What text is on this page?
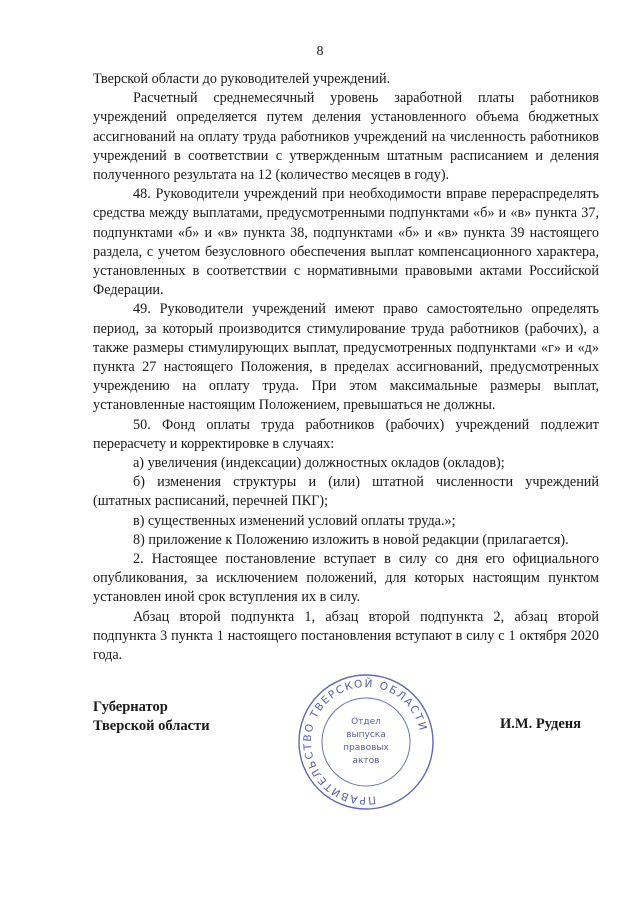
8

Тверской области до руководителей учреждений.

Расчетный среднемесячный уровень заработной платы работников учреждений определяется путем деления установленного объема бюджетных ассигнований на оплату труда работников учреждений на численность работников учреждений в соответствии с утвержденным штатным расписанием и деления полученного результата на 12 (количество месяцев в году).

48. Руководители учреждений при необходимости вправе перераспределять средства между выплатами, предусмотренными подпунктами «б» и «в» пункта 37, подпунктами «б» и «в» пункта 38, подпунктами «б» и «в» пункта 39 настоящего раздела, с учетом безусловного обеспечения выплат компенсационного характера, установленных в соответствии с нормативными правовыми актами Российской Федерации.

49. Руководители учреждений имеют право самостоятельно определять период, за который производится стимулирование труда работников (рабочих), а также размеры стимулирующих выплат, предусмотренных подпунктами «г» и «д» пункта 27 настоящего Положения, в пределах ассигнований, предусмотренных учреждению на оплату труда. При этом максимальные размеры выплат, установленные настоящим Положением, превышаться не должны.

50. Фонд оплаты труда работников (рабочих) учреждений подлежит перерасчету и корректировке в случаях:

а) увеличения (индексации) должностных окладов (окладов);

б) изменения структуры и (или) штатной численности учреждений (штатных расписаний, перечней ПКГ);

в) существенных изменений условий оплаты труда.»;

8) приложение к Положению изложить в новой редакции (прилагается).

2. Настоящее постановление вступает в силу со дня его официального опубликования, за исключением положений, для которых настоящим пунктом установлен иной срок вступления их в силу.

Абзац второй подпункта 1, абзац второй подпункта 2, абзац второй подпункта 3 пункта 1 настоящего постановления вступают в силу с 1 октября 2020 года.

Губернатор
Тверской области
ПРАВИТЕЛЬСТВО ТВЕРСКОЙ ОБЛАСТИ
Отдел
выпуска
правовых
актов
И.М. Руденя
